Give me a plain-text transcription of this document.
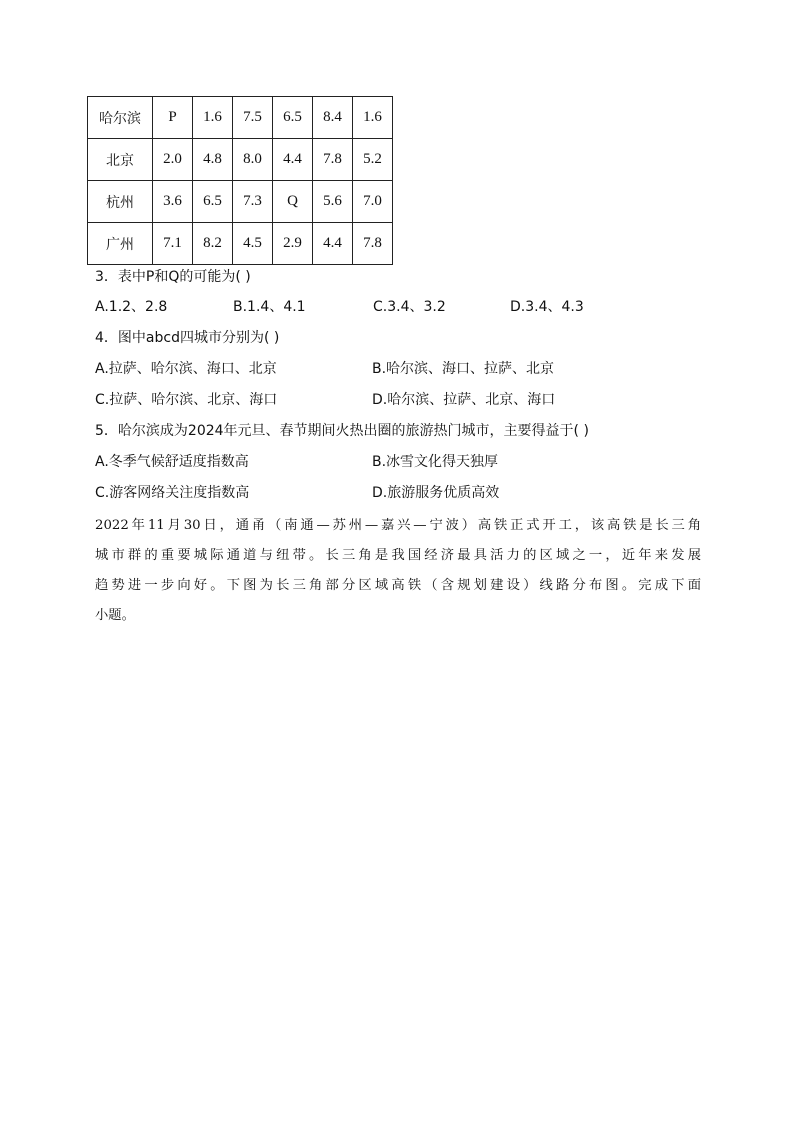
哈尔滨	P	1.6	7.5	6.5	8.4	1.6
北京	2.0	4.8	8.0	4.4	7.8	5.2
杭州	3.6	6.5	7.3	Q	5.6	7.0
广州	7.1	8.2	4.5	2.9	4.4	7.8
3．表中P和Q的可能为( )
A.1.2、2.8	B.1.4、4.1	C.3.4、3.2	D.3.4、4.3
4．图中abcd四城市分别为( )
A.拉萨、哈尔滨、海口、北京	B.哈尔滨、海口、拉萨、北京
C.拉萨、哈尔滨、北京、海口	D.哈尔滨、拉萨、北京、海口
5．哈尔滨成为2024年元旦、春节期间火热出圈的旅游热门城市，主要得益于( )
A.冬季气候舒适度指数高	B.冰雪文化得天独厚
C.游客网络关注度指数高	D.旅游服务优质高效
2022年11月30日，通甬（南通—苏州—嘉兴—宁波）高铁正式开工，该高铁是长三角
城市群的重要城际通道与纽带。长三角是我国经济最具活力的区域之一，近年来发展
趋势进一步向好。下图为长三角部分区域高铁（含规划建设）线路分布图。完成下面
小题。
